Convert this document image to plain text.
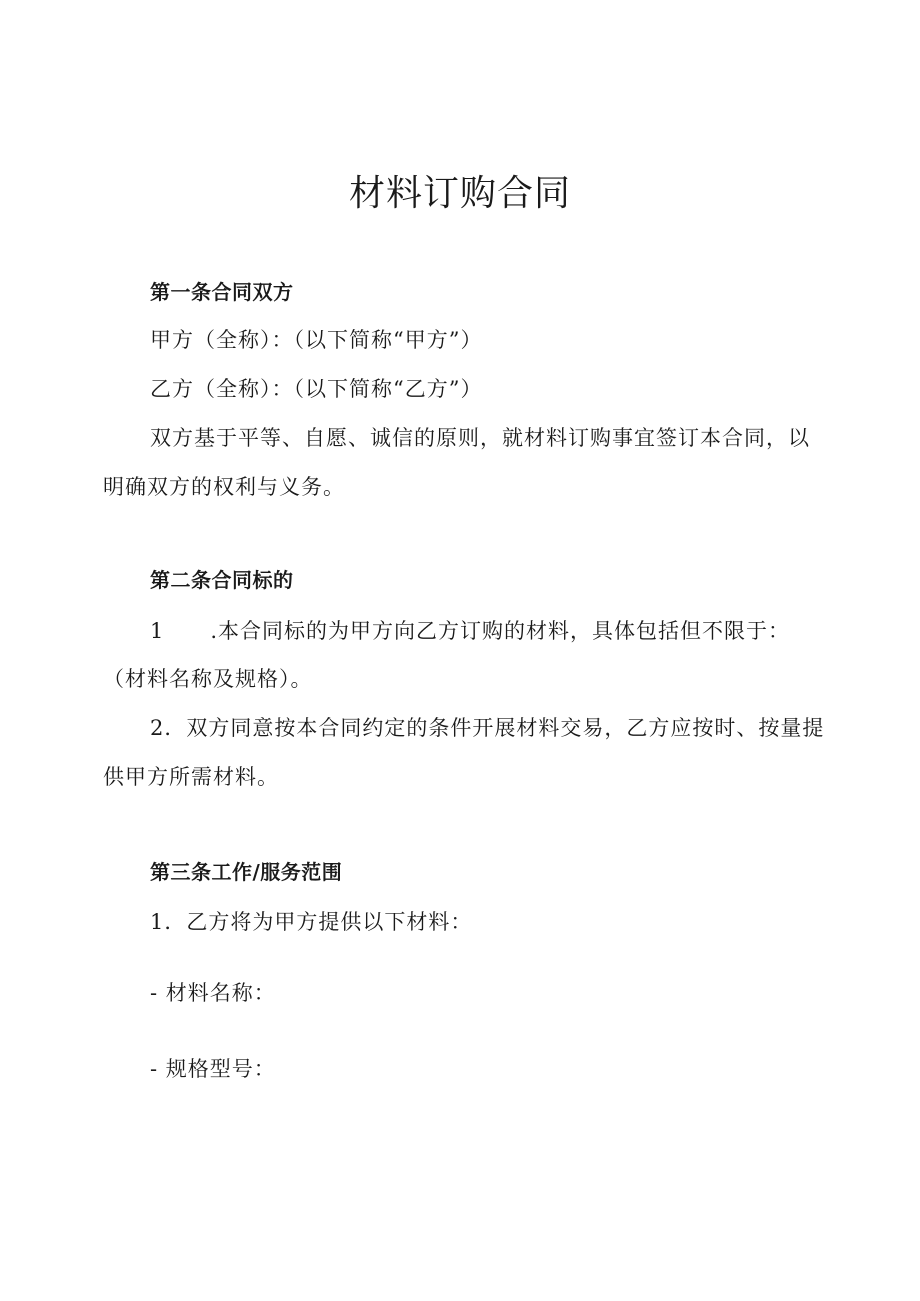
材料订购合同
第一条合同双方
甲方（全称）：（以下简称“甲方”）
乙方（全称）：（以下简称“乙方”）
双方基于平等、自愿、诚信的原则，就材料订购事宜签订本合同，以
明确双方的权利与义务。
第二条合同标的
1 .本合同标的为甲方向乙方订购的材料，具体包括但不限于：
（材料名称及规格）。
2．双方同意按本合同约定的条件开展材料交易，乙方应按时、按量提
供甲方所需材料。
第三条工作/服务范围
1．乙方将为甲方提供以下材料：
- 材料名称：
- 规格型号：
